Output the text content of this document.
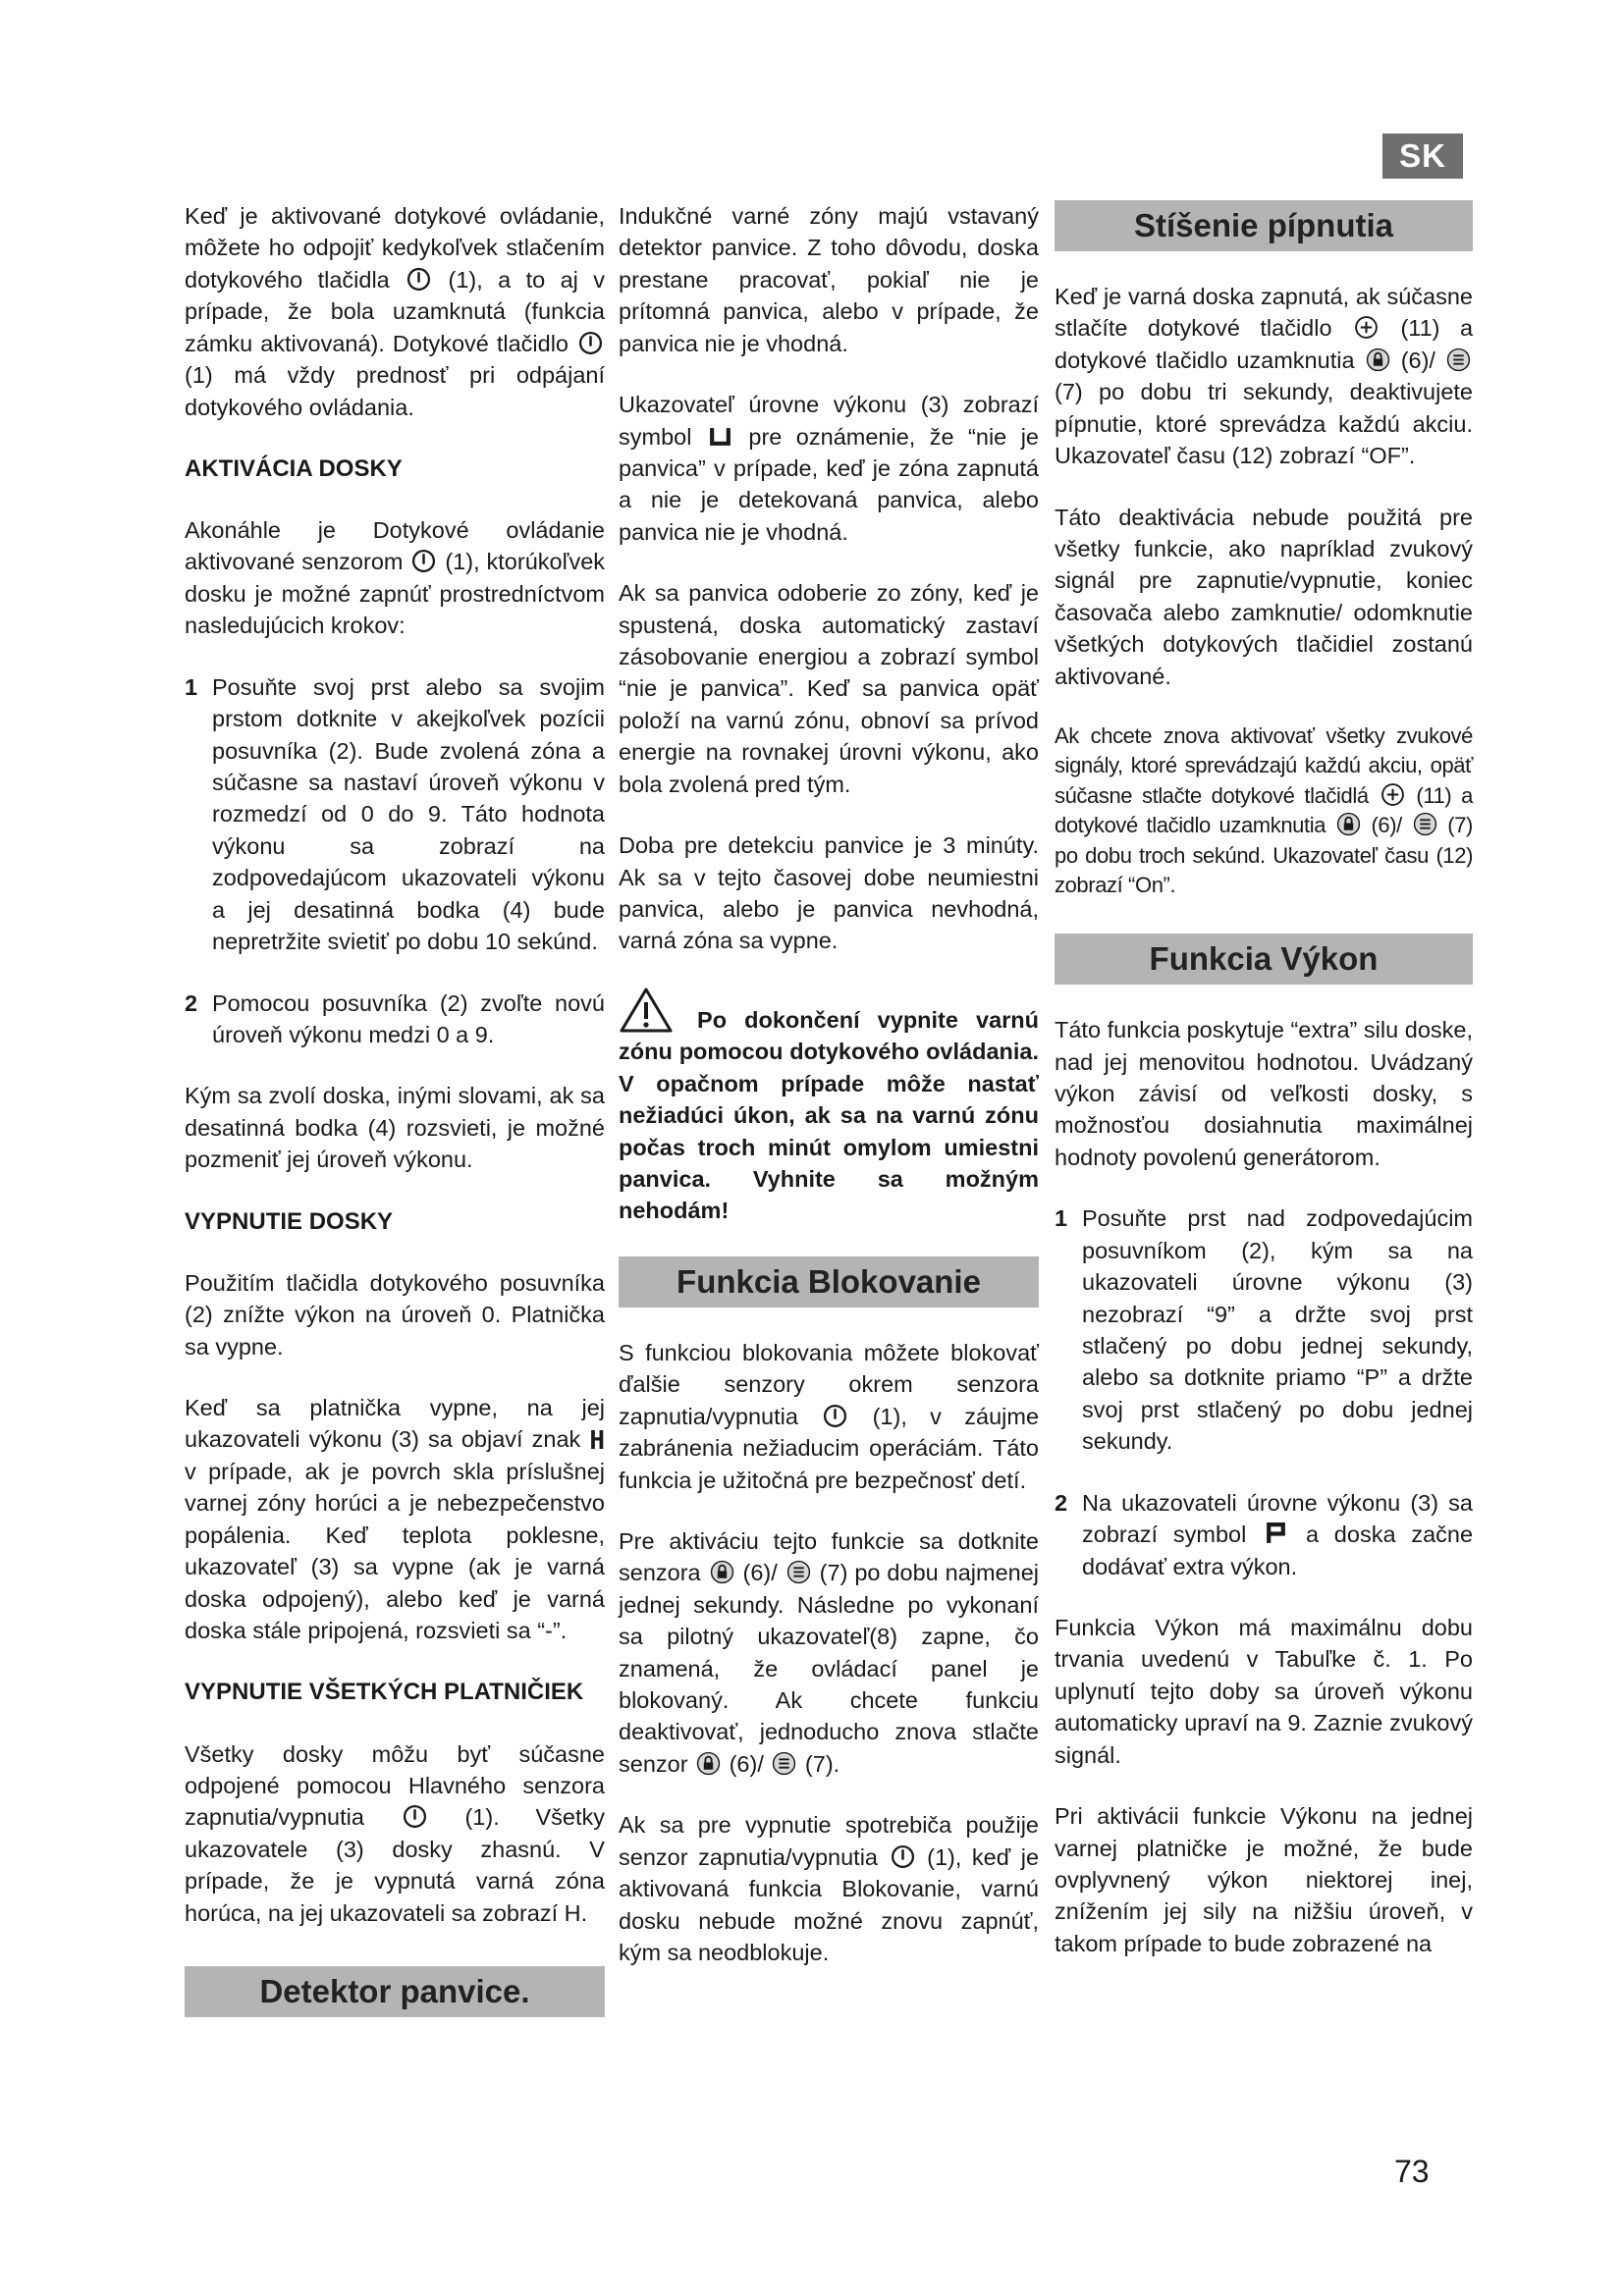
SK

Keď je aktivované dotykové ovládanie, môžete ho odpojiť kedykoľvek stlačením dotykového tlačidla	(1), a to aj v prípade, že bola uzamknutá (funkcia zámku aktivovaná). Dotykové tlačidlo
(1) má vždy prednosť pri odpájaní dotykového ovládania.

AKTIVÁCIA DOSKY

Akonáhle je Dotykové ovládanie aktivované senzorom (1), ktorúkoľvek dosku je možné zapnúť prostredníctvom nasledujúcich krokov:

1 Posuňte svoj prst alebo sa svojim prstom dotknite v akejkoľvek pozícii posuvníka (2). Bude zvolená zóna a súčasne sa nastaví úroveň výkonu v rozmedzí od 0 do 9. Táto hodnota výkonu sa zobrazí na zodpovedajúcom ukazovateli výkonu a jej desatinná bodka (4) bude nepretržite svietiť po dobu 10 sekúnd.
2 Pomocou posuvníka (2) zvoľte novú úroveň výkonu medzi 0 a 9.

Kým sa zvolí doska, inými slovami, ak sa desatinná bodka (4) rozsvieti, je možné pozmeniť jej úroveň výkonu.

VYPNUTIE DOSKY

Použitím tlačidla dotykového posuvníka (2) znížte výkon na úroveň 0. Platnička sa vypne.

Keď sa platnička vypne, na jej ukazovateli výkonu (3) sa objaví znak H v prípade, ak je povrch skla príslušnej varnej zóny horúci a je nebezpečenstvo popálenia. Keď teplota poklesne, ukazovateľ (3) sa vypne (ak je varná doska odpojený), alebo keď je varná doska stále pripojená, rozsvieti sa “-”.

VYPNUTIE VŠETKÝCH PLATNIČIEK

Všetky dosky môžu byť súčasne odpojené pomocou Hlavného senzora zapnutia/vypnutia	(1). Všetky ukazovatele (3) dosky zhasnú. V prípade, že je vypnutá varná zóna horúca, na jej ukazovateli sa zobrazí H.

Detektor panvice.

Indukčné varné zóny majú vstavaný detektor panvice. Z toho dôvodu, doska prestane pracovať, pokiaľ nie je prítomná panvica, alebo v prípade, že panvica nie je vhodná.

Ukazovateľ úrovne výkonu (3) zobrazí symbol pre oznámenie, že “nie je panvica” v prípade, keď je zóna zapnutá a nie je detekovaná panvica, alebo panvica nie je vhodná.

Ak sa panvica odoberie zo zóny, keď je spustená, doska automatický zastaví zásobovanie energiou a zobrazí symbol “nie je panvica”. Keď sa panvica opäť položí na varnú zónu, obnoví sa prívod energie na rovnakej úrovni výkonu, ako bola zvolená pred tým.

Doba pre detekciu panvice je 3 minúty. Ak sa v tejto časovej dobe neumiestni panvica, alebo je panvica nevhodná, varná zóna sa vypne.

Po dokončení vypnite varnú zónu pomocou dotykového ovládania. V opačnom prípade môže nastať nežiadúci úkon, ak sa na varnú zónu počas troch minút omylom umiestni panvica. Vyhnite sa možným nehodám!
Funkcia Blokovanie

S funkciou blokovania môžete blokovať ďalšie senzory okrem senzora zapnutia/vypnutia	(1), v záujme zabránenia nežiaducim operáciám. Táto funkcia je užitočná pre bezpečnosť detí.

Pre aktiváciu tejto funkcie sa dotknite senzora (6)/ (7) po dobu najmenej jednej sekundy. Následne po vykonaní sa pilotný ukazovateľ(8) zapne, čo znamená, že ovládací panel je blokovaný. Ak chcete funkciu deaktivovať, jednoducho znova stlačte senzor (6)/ (7).

Ak sa pre vypnutie spotrebiča použije senzor zapnutia/vypnutia (1), keď je aktivovaná funkcia Blokovanie, varnú dosku nebude možné znovu zapnúť, kým sa neodblokuje.

Stíšenie pípnutia

Keď je varná doska zapnutá, ak súčasne stlačíte dotykové tlačidlo	(11) a dotykové tlačidlo uzamknutia (6)/
(7) po dobu tri sekundy, deaktivujete pípnutie, ktoré sprevádza každú akciu. Ukazovateľ času (12) zobrazí “OF”.

Táto deaktivácia nebude použitá pre všetky funkcie, ako napríklad zvukový signál pre zapnutie/vypnutie, koniec časovača alebo zamknutie/ odomknutie všetkých dotykových tlačidiel zostanú aktivované.

Ak chcete znova aktivovať všetky zvukové signály, ktoré sprevádzajú každú akciu, opäť súčasne stlačte dotykové tlačidlá (11) a dotykové tlačidlo uzamknutia (6)/ (7) po dobu troch sekúnd. Ukazovateľ času (12) zobrazí “On”.

Funkcia Výkon

Táto funkcia poskytuje “extra” silu doske, nad jej menovitou hodnotou. Uvádzaný výkon závisí od veľkosti dosky, s možnosťou dosiahnutia maximálnej hodnoty povolenú generátorom.

1 Posuňte prst nad zodpovedajúcim posuvníkom (2), kým sa na ukazovateli úrovne výkonu (3) nezobrazí “9” a držte svoj prst stlačený po dobu jednej sekundy, alebo sa dotknite priamo “P” a držte svoj prst stlačený po dobu jednej sekundy.
2 Na ukazovateli úrovne výkonu (3) sa zobrazí symbol	a doska začne dodávať extra výkon.

Funkcia Výkon má maximálnu dobu trvania uvedenú v Tabuľke č. 1. Po uplynutí tejto doby sa úroveň výkonu automaticky upraví na 9. Zaznie zvukový signál.

Pri aktivácii funkcie Výkonu na jednej varnej platničke je možné, že bude ovplyvnený výkon niektorej inej, znížením jej sily na nižšiu úroveň, v takom prípade to bude zobrazené na

73
